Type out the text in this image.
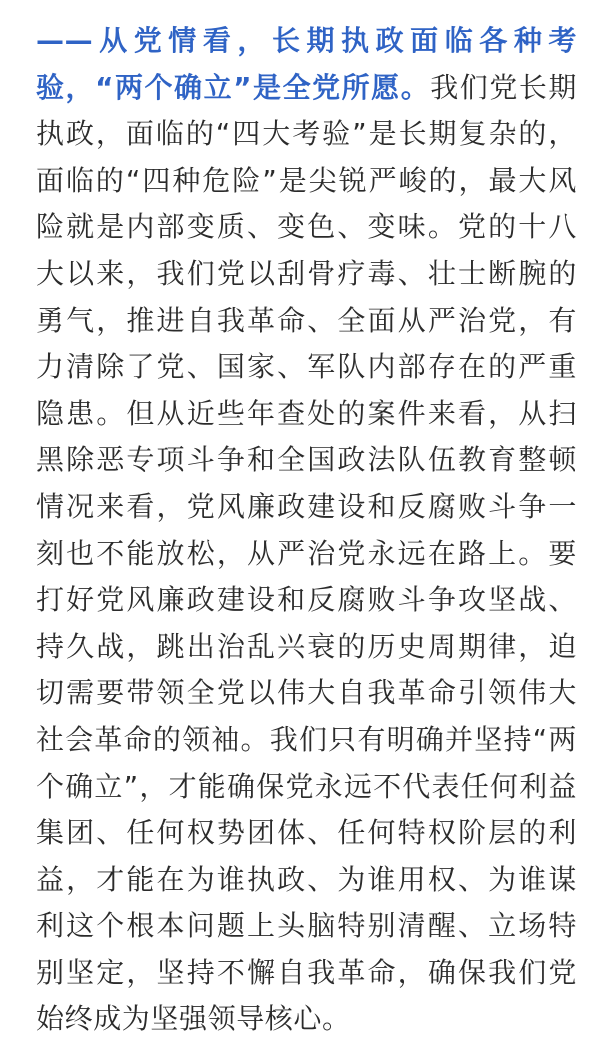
——从党情看，长期执政面临各种考验，“两个确立”是全党所愿。我们党长期执政，面临的“四大考验”是长期复杂的，面临的“四种危险”是尖锐严峻的，最大风险就是内部变质、变色、变味。党的十八大以来，我们党以刮骨疗毒、壮士断腕的勇气，推进自我革命、全面从严治党，有力清除了党、国家、军队内部存在的严重隐患。但从近些年查处的案件来看，从扫黑除恶专项斗争和全国政法队伍教育整顿情况来看，党风廉政建设和反腐败斗争一刻也不能放松，从严治党永远在路上。要打好党风廉政建设和反腐败斗争攻坚战、持久战，跳出治乱兴衰的历史周期律，迫切需要带领全党以伟大自我革命引领伟大社会革命的领袖。我们只有明确并坚持“两个确立”，才能确保党永远不代表任何利益集团、任何权势团体、任何特权阶层的利益，才能在为谁执政、为谁用权、为谁谋利这个根本问题上头脑特别清醒、立场特别坚定，坚持不懈自我革命，确保我们党始终成为坚强领导核心。
